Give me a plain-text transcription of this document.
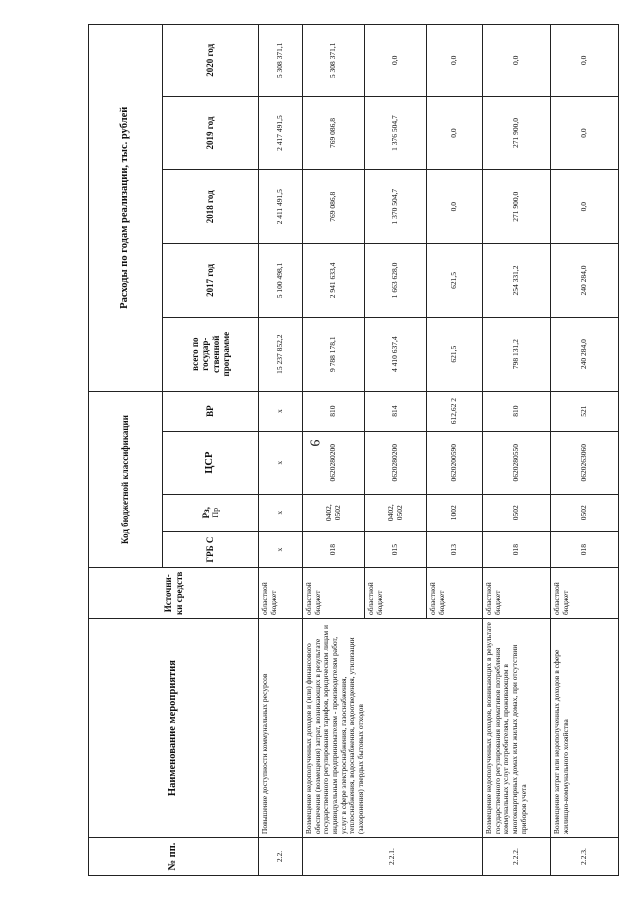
9
№ пп.	Наименование мероприятия	Источни-ки средств	Код бюджетной классификации				Расходы по годам реализации, тыс. рублей				
			ГРБ С	Рз, Пр	ЦСР	ВР	всего по государ-ственной программе	2017 год	2018 год	2019 год	2020 год
2.2.	Повышение доступности коммунальных ресурсов	областной бюджет	х	х	х	х	15 237 852,2	5 100 498,1	2 411 491,5	2 417 491,5	5 308 371,1
2.2.1.	Возмещение недополученных доходов и (или) финансового обеспечения (возмещения) затрат, возникающих в результате государственного регулирования тарифов, юридическим лицам и индивидуальным предпринимателям - производителям работ, услуг в сфере электроснабжения, газоснабжения, теплоснабжения, водоснабжения, водоотведения, утилизации (захоронения) твердых бытовых отходов	областной бюджет	018	0402, 0502	0620280200	810	9 788 178,1	2 941 633,4	769 086,8	769 086,8	5 308 371,1
		областной бюджет	015	0402, 0502	0620280200	814	4 410 637,4	1 663 628,0	1 370 504,7	1 376 504,7	0,0
		областной бюджет	013	1002	0620200590	612,62 2	621,5	621,5	0,0	0,0	0,0
2.2.2.	Возмещение недополученных доходов, возникающих в результате государственного регулирования нормативов потребления коммунальных услуг потребителям, проживающим в многоквартирных домах или жилых домах, при отсутствии приборов учета	областной бюджет	018	0502	0620280550	810	798 131,2	254 331,2	271 900,0	271 900,0	0,0
2.2.3.	Возмещение затрат или недополученных доходов в сфере жилищно-коммунального хозяйства	областной бюджет	018	0502	0620263060	521	240 284,0	240 284,0	0,0	0,0	0,0
